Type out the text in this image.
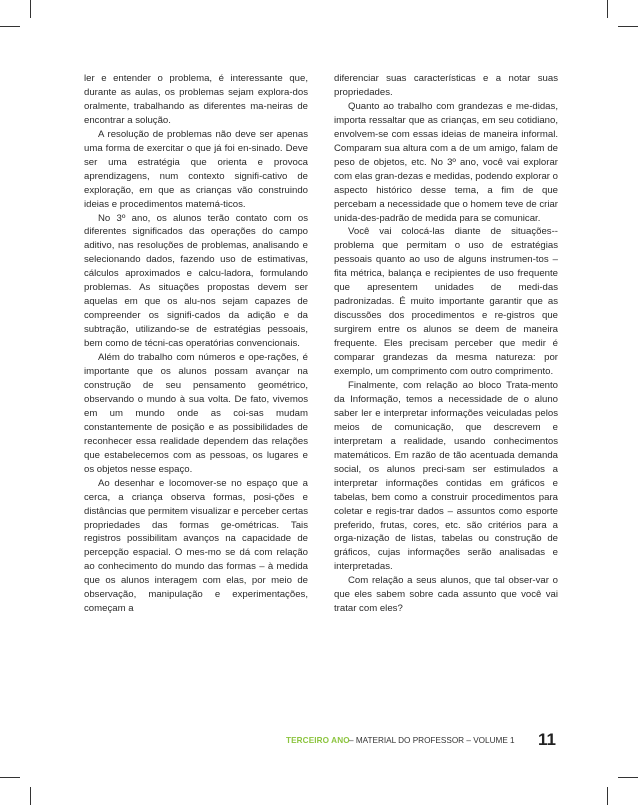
ler e entender o problema, é interessante que, durante as aulas, os problemas sejam explora-dos oralmente, trabalhando as diferentes ma-neiras de encontrar a solução.

A resolução de problemas não deve ser apenas uma forma de exercitar o que já foi en-sinado. Deve ser uma estratégia que orienta e provoca aprendizagens, num contexto signifi-cativo de exploração, em que as crianças vão construindo ideias e procedimentos matemá-ticos.

No 3º ano, os alunos terão contato com os diferentes significados das operações do campo aditivo, nas resoluções de problemas, analisando e selecionando dados, fazendo uso de estimativas, cálculos aproximados e calcu-ladora, formulando problemas. As situações propostas devem ser aquelas em que os alu-nos sejam capazes de compreender os signifi-cados da adição e da subtração, utilizando-se de estratégias pessoais, bem como de técni-cas operatórias convencionais.

Além do trabalho com números e ope-rações, é importante que os alunos possam avançar na construção de seu pensamento geométrico, observando o mundo à sua volta. De fato, vivemos em um mundo onde as coi-sas mudam constantemente de posição e as possibilidades de reconhecer essa realidade dependem das relações que estabelecemos com as pessoas, os lugares e os objetos nesse espaço.

Ao desenhar e locomover-se no espaço que a cerca, a criança observa formas, posi-ções e distâncias que permitem visualizar e perceber certas propriedades das formas ge-ométricas. Tais registros possibilitam avanços na capacidade de percepção espacial. O mes-mo se dá com relação ao conhecimento do mundo das formas – à medida que os alunos interagem com elas, por meio de observação, manipulação e experimentações, começam a

diferenciar suas características e a notar suas propriedades.

Quanto ao trabalho com grandezas e me-didas, importa ressaltar que as crianças, em seu cotidiano, envolvem-se com essas ideias de maneira informal. Comparam sua altura com a de um amigo, falam de peso de objetos, etc. No 3º ano, você vai explorar com elas gran-dezas e medidas, podendo explorar o aspecto histórico desse tema, a fim de que percebam a necessidade que o homem teve de criar unida-des-padrão de medida para se comunicar.

Você vai colocá-las diante de situações--problema que permitam o uso de estratégias pessoais quanto ao uso de alguns instrumen-tos – fita métrica, balança e recipientes de uso frequente que apresentem unidades de medi-das padronizadas. É muito importante garantir que as discussões dos procedimentos e re-gistros que surgirem entre os alunos se deem de maneira frequente. Eles precisam perceber que medir é comparar grandezas da mesma natureza: por exemplo, um comprimento com outro comprimento.

Finalmente, com relação ao bloco Trata-mento da Informação, temos a necessidade de o aluno saber ler e interpretar informações veiculadas pelos meios de comunicação, que descrevem e interpretam a realidade, usando conhecimentos matemáticos. Em razão de tão acentuada demanda social, os alunos preci-sam ser estimulados a interpretar informações contidas em gráficos e tabelas, bem como a construir procedimentos para coletar e regis-trar dados – assuntos como esporte preferido, frutas, cores, etc. são critérios para a orga-nização de listas, tabelas ou construção de gráficos, cujas informações serão analisadas e interpretadas.

Com relação a seus alunos, que tal obser-var o que eles sabem sobre cada assunto que você vai tratar com eles?

TERCEIRO ANO – MATERIAL DO PROFESSOR – VOLUME 1 11
